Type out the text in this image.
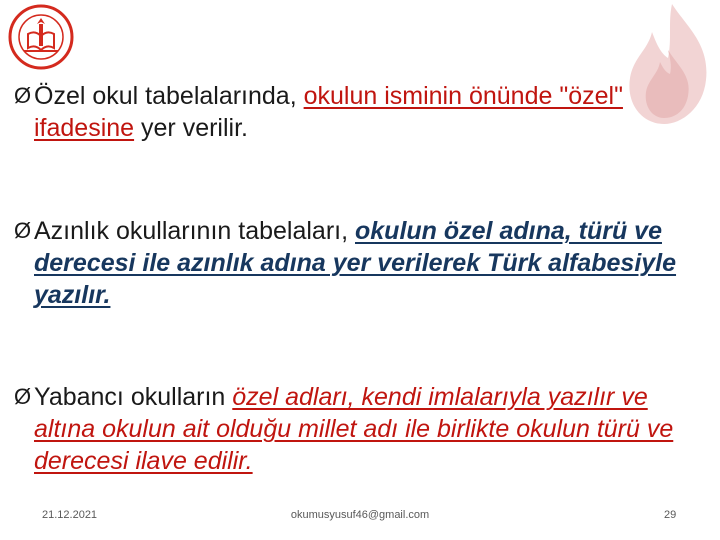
Ø Özel okul tabelalarında, okulun isminin önünde "özel" ifadesine yer verilir.
Ø Azınlık okullarının tabelaları, okulun özel adına, türü ve derecesi ile azınlık adına yer verilerek Türk alfabesiyle yazılır.
Ø Yabancı okulların özel adları, kendi imlalarıyla yazılır ve altına okulun ait olduğu millet adı ile birlikte okulun türü ve derecesi ilave edilir.
21.12.2021	okumusyusuf46@gmail.com	29
